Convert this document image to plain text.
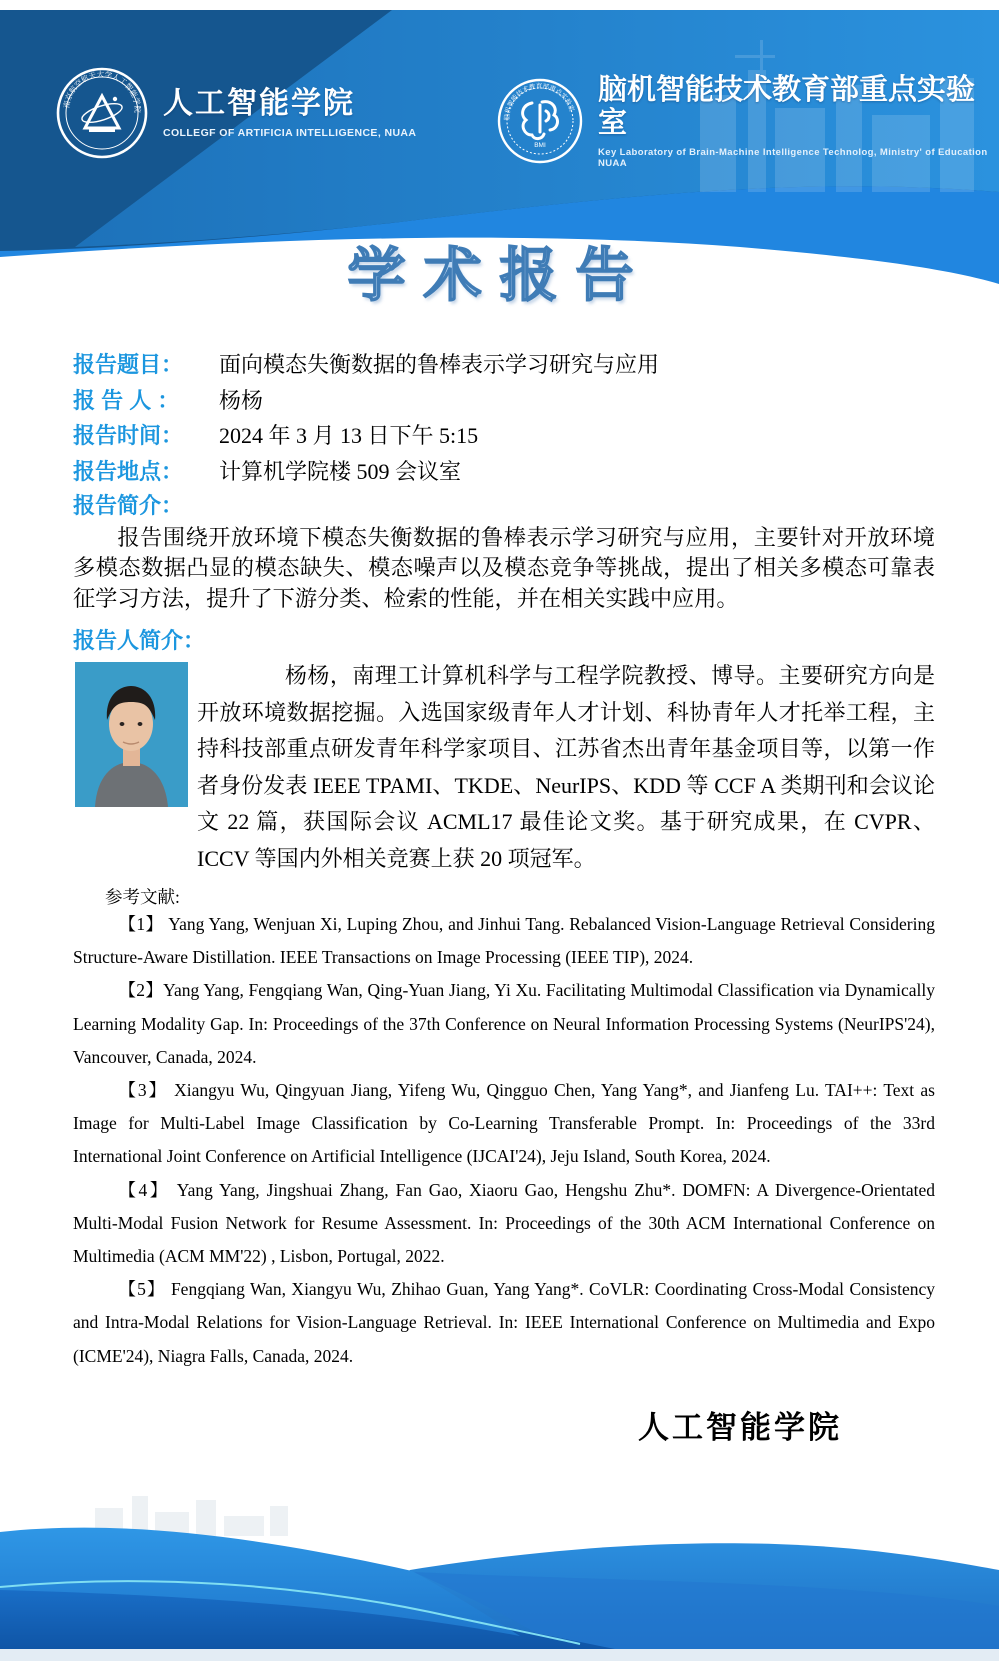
南京航空航天大学人工智能学院 人工智能学院
COLLEGF OF ARTIFICIA INTELLIGENCE, NUAA
脑机智能技术教育部重点实验室
BMI
脑机智能技术教育部重点实验室
Key Laboratory of Brain-Machine Intelligence Technolog, Ministry' of Education NUAA
学术报告
报告题目：	面向模态失衡数据的鲁棒表示学习研究与应用
报 告 人 ：	杨杨
报告时间：	2024 年 3 月 13 日下午 5:15
报告地点：	计算机学院楼 509 会议室
报告简介：
报告围绕开放环境下模态失衡数据的鲁棒表示学习研究与应用，主要针对开放环境多模态数据凸显的模态缺失、模态噪声以及模态竞争等挑战，提出了相关多模态可靠表征学习方法，提升了下游分类、检索的性能，并在相关实践中应用。
报告人简介：

杨杨，南理工计算机科学与工程学院教授、博导。主要研究方向是开放环境数据挖掘。入选国家级青年人才计划、科协青年人才托举工程，主持科技部重点研发青年科学家项目、江苏省杰出青年基金项目等，以第一作者身份发表 IEEE TPAMI、TKDE、NeurIPS、KDD 等 CCF A 类期刊和会议论文 22 篇，获国际会议 ACML17 最佳论文奖。基于研究成果，在 CVPR、ICCV 等国内外相关竞赛上获 20 项冠军。

参考文献:

【1】 Yang Yang, Wenjuan Xi, Luping Zhou, and Jinhui Tang. Rebalanced Vision-Language Retrieval Considering Structure-Aware Distillation. IEEE Transactions on Image Processing (IEEE TIP), 2024.

【2】Yang Yang, Fengqiang Wan, Qing-Yuan Jiang, Yi Xu. Facilitating Multimodal Classification via Dynamically Learning Modality Gap. In: Proceedings of the 37th Conference on Neural Information Processing Systems (NeurIPS'24), Vancouver, Canada, 2024.

【3】 Xiangyu Wu, Qingyuan Jiang, Yifeng Wu, Qingguo Chen, Yang Yang*, and Jianfeng Lu. TAI++: Text as Image for Multi-Label Image Classification by Co-Learning Transferable Prompt. In: Proceedings of the 33rd International Joint Conference on Artificial Intelligence (IJCAI'24), Jeju Island, South Korea, 2024.

【4】 Yang Yang, Jingshuai Zhang, Fan Gao, Xiaoru Gao, Hengshu Zhu*. DOMFN: A Divergence-Orientated Multi-Modal Fusion Network for Resume Assessment. In: Proceedings of the 30th ACM International Conference on Multimedia (ACM MM'22) , Lisbon, Portugal, 2022.

【5】 Fengqiang Wan, Xiangyu Wu, Zhihao Guan, Yang Yang*. CoVLR: Coordinating Cross-Modal Consistency and Intra-Modal Relations for Vision-Language Retrieval. In: IEEE International Conference on Multimedia and Expo (ICME'24), Niagra Falls, Canada, 2024.

人工智能学院
